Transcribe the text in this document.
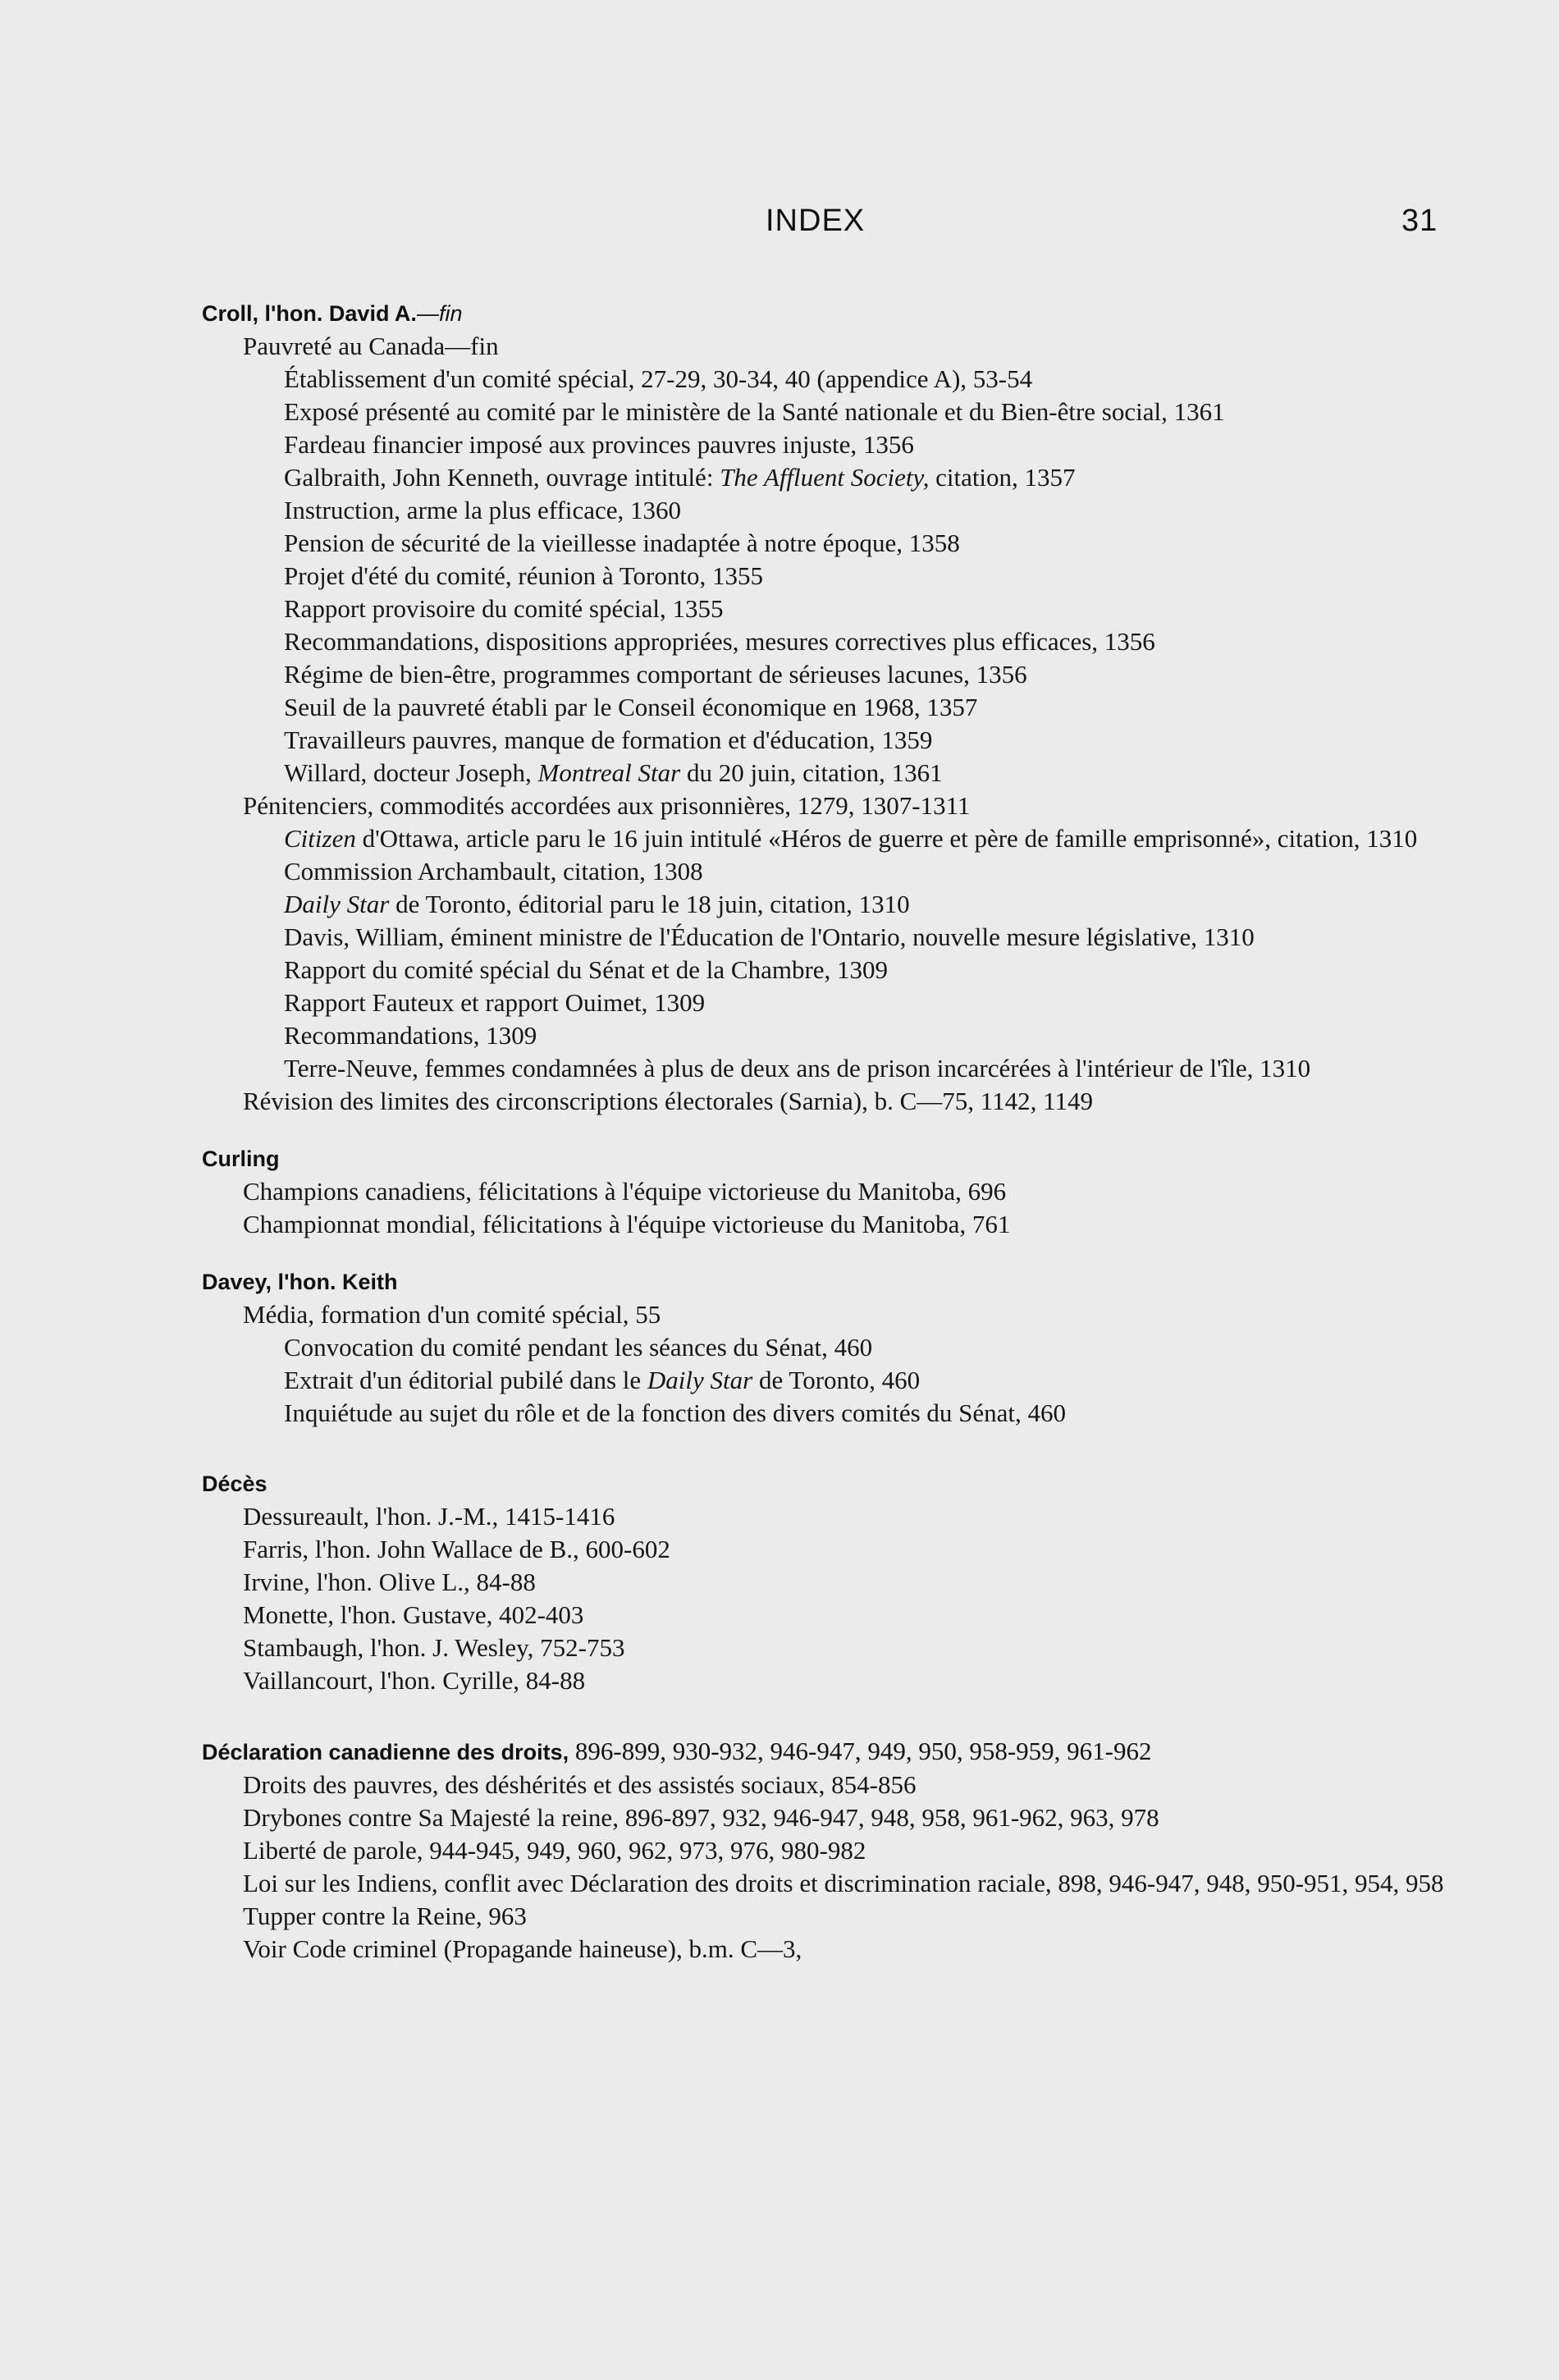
INDEX	31
Croll, l'hon. David A.—fin
Pauvreté au Canada—fin
Établissement d'un comité spécial, 27-29, 30-34, 40 (appendice A), 53-54
Exposé présenté au comité par le ministère de la Santé nationale et du Bien-être social, 1361
Fardeau financier imposé aux provinces pauvres injuste, 1356
Galbraith, John Kenneth, ouvrage intitulé: The Affluent Society, citation, 1357
Instruction, arme la plus efficace, 1360
Pension de sécurité de la vieillesse inadaptée à notre époque, 1358
Projet d'été du comité, réunion à Toronto, 1355
Rapport provisoire du comité spécial, 1355
Recommandations, dispositions appropriées, mesures correctives plus efficaces, 1356
Régime de bien-être, programmes comportant de sérieuses lacunes, 1356
Seuil de la pauvreté établi par le Conseil économique en 1968, 1357
Travailleurs pauvres, manque de formation et d'éducation, 1359
Willard, docteur Joseph, Montreal Star du 20 juin, citation, 1361
Pénitenciers, commodités accordées aux prisonnières, 1279, 1307-1311
Citizen d'Ottawa, article paru le 16 juin intitulé «Héros de guerre et père de famille emprisonné», citation, 1310
Commission Archambault, citation, 1308
Daily Star de Toronto, éditorial paru le 18 juin, citation, 1310
Davis, William, éminent ministre de l'Éducation de l'Ontario, nouvelle mesure législative, 1310
Rapport du comité spécial du Sénat et de la Chambre, 1309
Rapport Fauteux et rapport Ouimet, 1309
Recommandations, 1309
Terre-Neuve, femmes condamnées à plus de deux ans de prison incarcérées à l'intérieur de l'île, 1310
Révision des limites des circonscriptions électorales (Sarnia), b. C—75, 1142, 1149
Curling
Champions canadiens, félicitations à l'équipe victorieuse du Manitoba, 696
Championnat mondial, félicitations à l'équipe victorieuse du Manitoba, 761
Davey, l'hon. Keith
Média, formation d'un comité spécial, 55
Convocation du comité pendant les séances du Sénat, 460
Extrait d'un éditorial pubilé dans le Daily Star de Toronto, 460
Inquiétude au sujet du rôle et de la fonction des divers comités du Sénat, 460
Décès
Dessureault, l'hon. J.-M., 1415-1416
Farris, l'hon. John Wallace de B., 600-602
Irvine, l'hon. Olive L., 84-88
Monette, l'hon. Gustave, 402-403
Stambaugh, l'hon. J. Wesley, 752-753
Vaillancourt, l'hon. Cyrille, 84-88
Déclaration canadienne des droits, 896-899, 930-932, 946-947, 949, 950, 958-959, 961-962
Droits des pauvres, des déshérités et des assistés sociaux, 854-856
Drybones contre Sa Majesté la reine, 896-897, 932, 946-947, 948, 958, 961-962, 963, 978
Liberté de parole, 944-945, 949, 960, 962, 973, 976, 980-982
Loi sur les Indiens, conflit avec Déclaration des droits et discrimination raciale, 898, 946-947, 948, 950-951, 954, 958
Tupper contre la Reine, 963
Voir Code criminel (Propagande haineuse), b.m. C—3,
